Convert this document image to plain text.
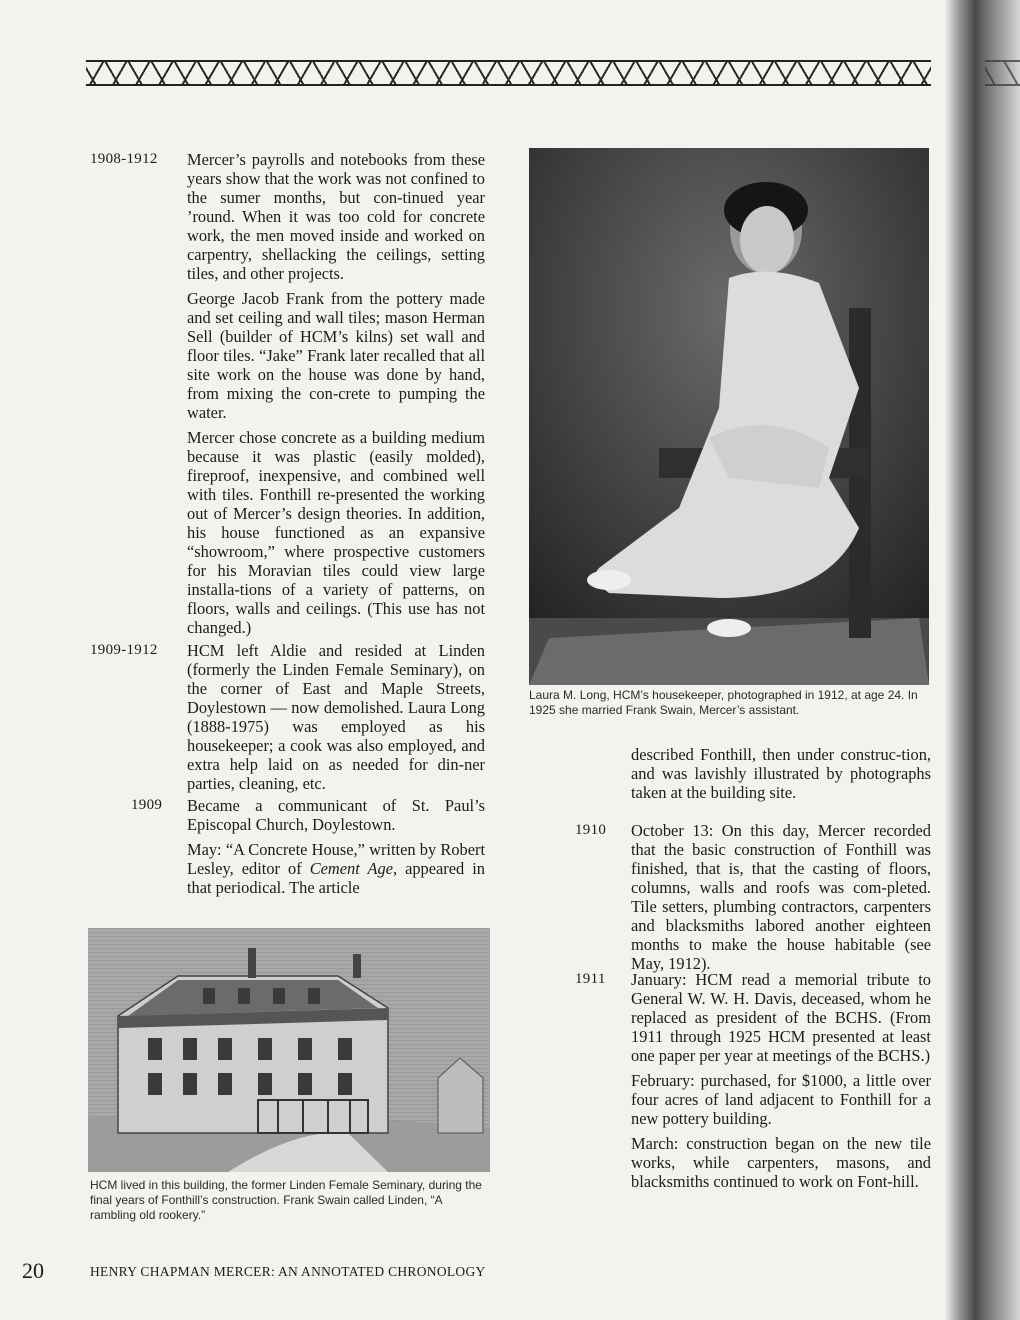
1908-1912 Mercer’s payrolls and notebooks from these years show that the work was not confined to the sumer months, but con-tinued year ’round. When it was too cold for concrete work, the men moved inside and worked on carpentry, shellacking the ceilings, setting tiles, and other projects.

George Jacob Frank from the pottery made and set ceiling and wall tiles; mason Herman Sell (builder of HCM’s kilns) set wall and floor tiles. “Jake” Frank later recalled that all site work on the house was done by hand, from mixing the con-crete to pumping the water.

Mercer chose concrete as a building medium because it was plastic (easily molded), fireproof, inexpensive, and combined well with tiles. Fonthill re-presented the working out of Mercer’s design theories. In addition, his house functioned as an expansive “showroom,” where prospective customers for his Moravian tiles could view large installa-tions of a variety of patterns, on floors, walls and ceilings. (This use has not changed.)

1909-1912 HCM left Aldie and resided at Linden (formerly the Linden Female Seminary), on the corner of East and Maple Streets, Doylestown — now demolished. Laura Long (1888-1975) was employed as his housekeeper; a cook was also employed, and extra help laid on as needed for din-ner parties, cleaning, etc.

1909 Became a communicant of St. Paul’s Episcopal Church, Doylestown.

May: “A Concrete House,” written by Robert Lesley, editor of Cement Age, appeared in that periodical. The article

HCM lived in this building, the former Linden Female Seminary, during the final years of Fonthill’s construction. Frank Swain called Linden, “A rambling old rookery.”
Laura M. Long, HCM’s housekeeper, photographed in 1912, at age 24. In 1925 she married Frank Swain, Mercer’s assistant.

described Fonthill, then under construc-tion, and was lavishly illustrated by photographs taken at the building site.

1910 October 13: On this day, Mercer recorded that the basic construction of Fonthill was finished, that is, that the casting of floors, columns, walls and roofs was com-pleted. Tile setters, plumbing contractors, carpenters and blacksmiths labored another eighteen months to make the house habitable (see May, 1912).

1911 January: HCM read a memorial tribute to General W. W. H. Davis, deceased, whom he replaced as president of the BCHS. (From 1911 through 1925 HCM presented at least one paper per year at meetings of the BCHS.)

February: purchased, for $1000, a little over four acres of land adjacent to Fonthill for a new pottery building.

March: construction began on the new tile works, while carpenters, masons, and blacksmiths continued to work on Font-hill.

20	HENRY CHAPMAN MERCER: AN ANNOTATED CHRONOLOGY
